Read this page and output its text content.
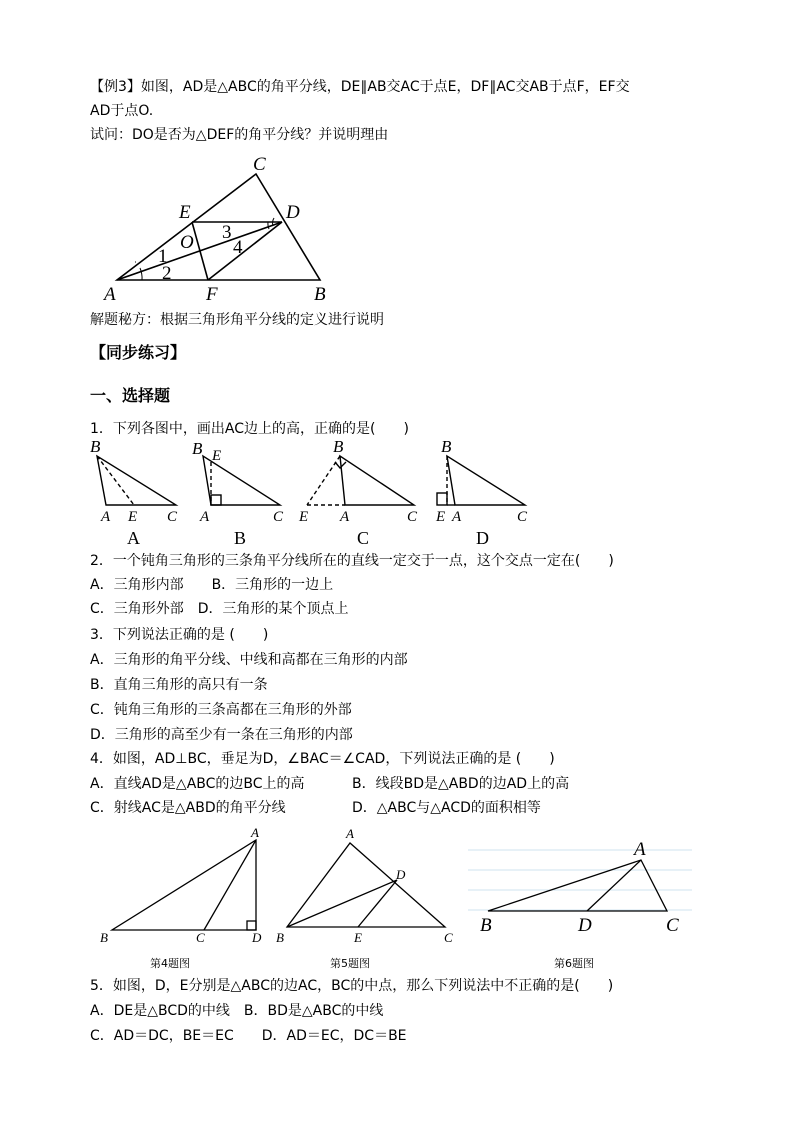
【例3】如图，AD是△ABC的角平分线，DE∥AB交AC于点E，DF∥AC交AB于点F，EF交
AD于点O.
试问：DO是否为△DEF的角平分线？并说明理由
C
E	D
O 3
4
1
2
A	F	B
解题秘方：根据三角形角平分线的定义进行说明
【同步练习】
一、选择题
1．下列各图中，画出AC边上的高，正确的是(　　)
B
A E C
B E
A	C
B
E A	C
B
E A	C
A	B	C	D
2．一个钝角三角形的三条角平分线所在的直线一定交于一点，这个交点一定在(　　)
A．三角形内部　　B．三角形的一边上
C．三角形外部　D．三角形的某个顶点上
3．下列说法正确的是 (　　)
A．三角形的角平分线、中线和高都在三角形的内部
B．直角三角形的高只有一条
C．钝角三角形的三条高都在三角形的外部
D．三角形的高至少有一条在三角形的内部
4．如图，AD⊥BC，垂足为D，∠BAC＝∠CAD，下列说法正确的是 (　　)
A．直线AD是△ABC的边BC上的高	B．线段BD是△ABD的边AD上的高
C．射线AC是△ABD的角平分线	D．△ABC与△ACD的面积相等
B	C	D
A	A
D
B	E	C
A
B	D	C
第4题图	第5题图	第6题图
5．如图，D，E分别是△ABC的边AC，BC的中点，那么下列说法中不正确的是(　　)
A．DE是△BCD的中线　B．BD是△ABC的中线
C．AD＝DC，BE＝EC　　D．AD＝EC，DC＝BE
